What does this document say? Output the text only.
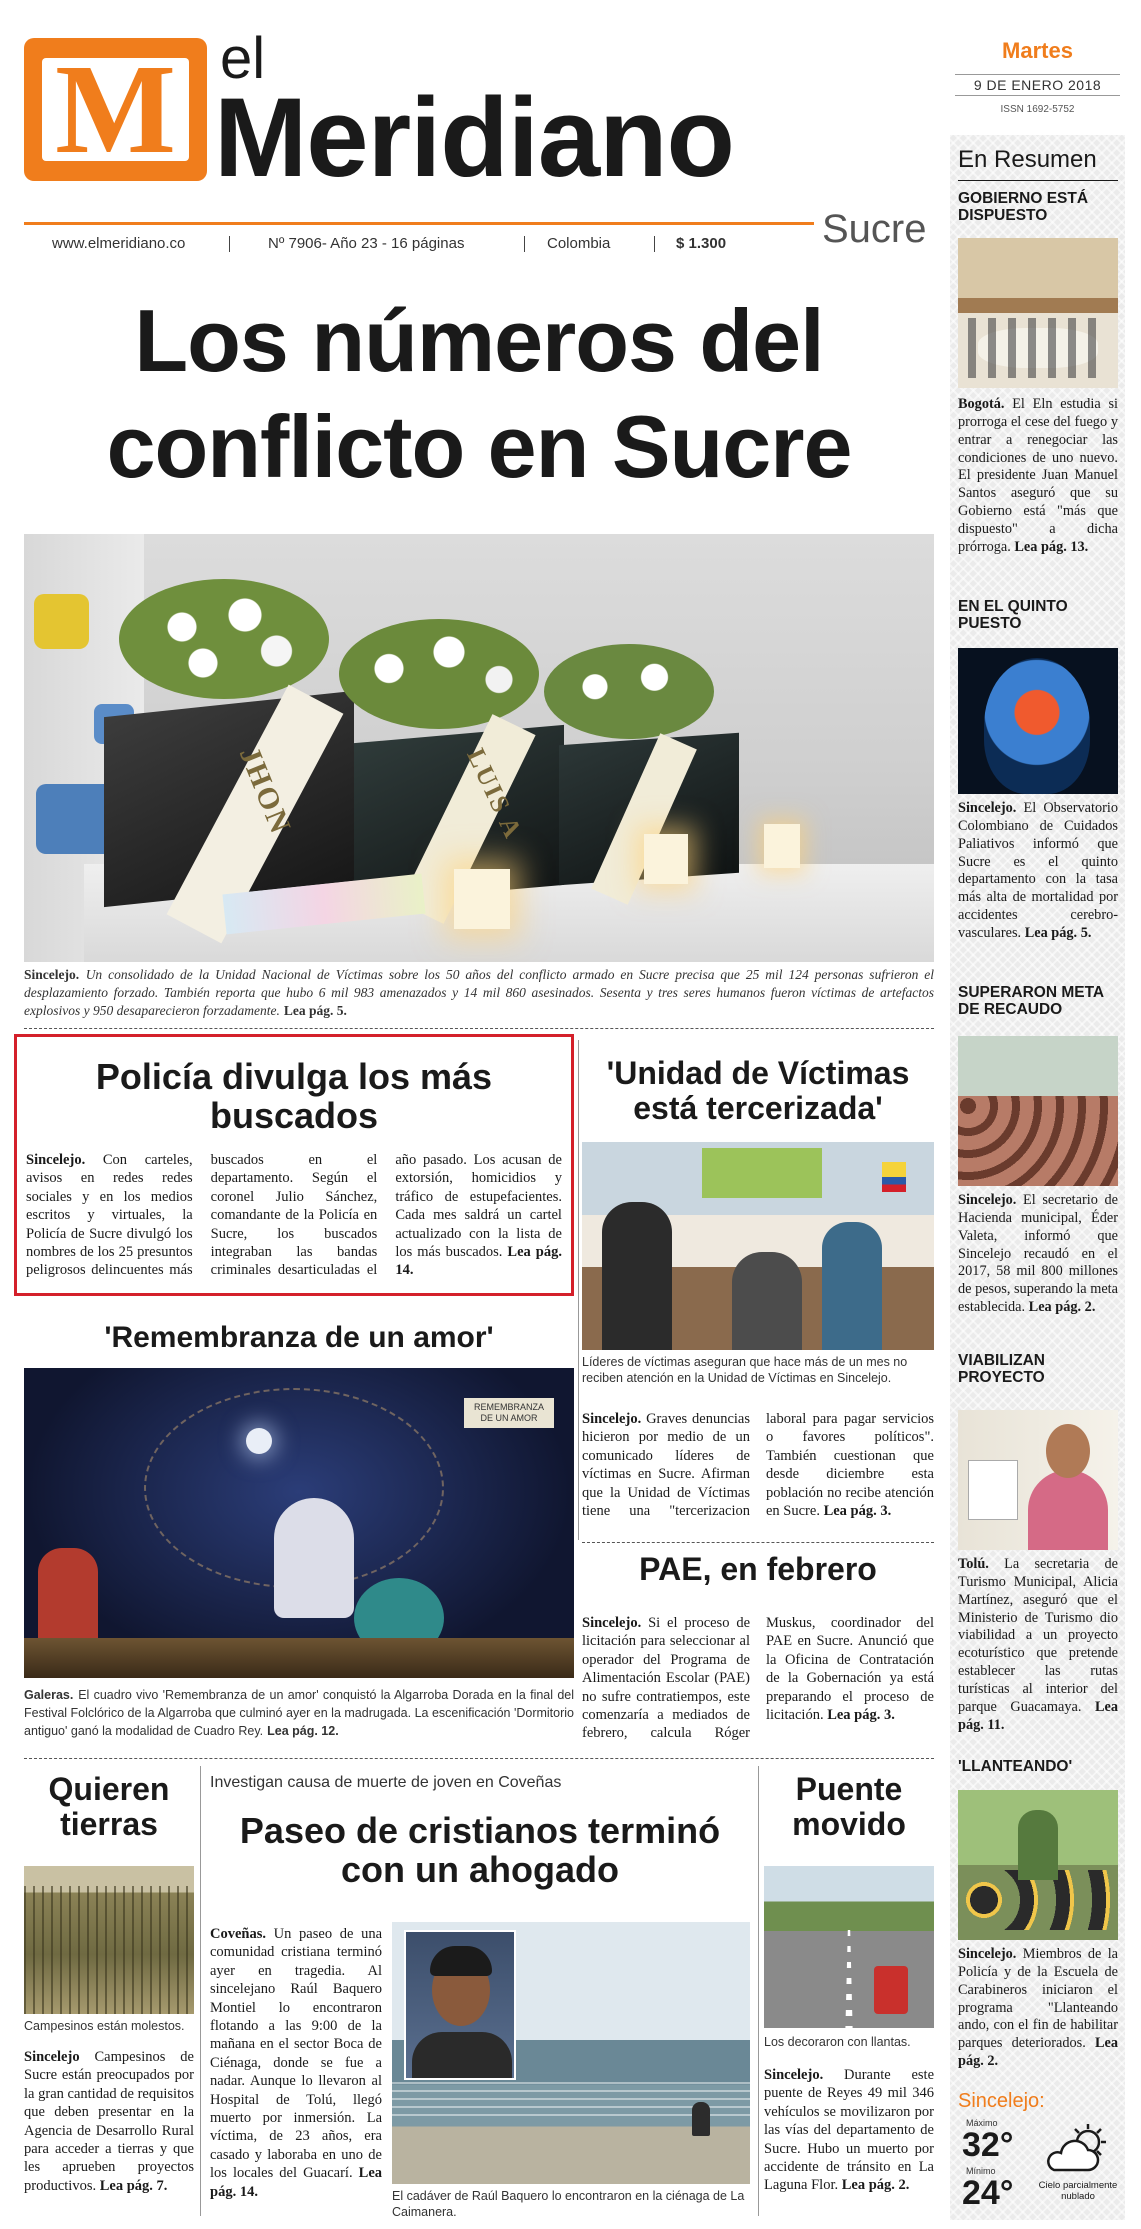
M el
Meridiano
Sucre
www.elmeridiano.co	Nº 7906- Año 23 - 16 páginas	Colombia	$ 1.300
Martes
9 DE ENERO 2018
ISSN 1692-5752
Los números del
conflicto en Sucre
JHON	LUIS A
Sincelejo. Un consolidado de la Unidad Nacional de Víctimas sobre los 50 años del conflicto armado en Sucre precisa que 25 mil 124 personas sufrieron el desplazamiento forzado. También reporta que hubo 6 mil 983 amenazados y 14 mil 860 asesinados. Sesenta y tres seres humanos fueron víctimas de artefactos explosivos y 950 desaparecieron forzadamente. Lea pág. 5.
Policía divulga los más buscados
Sincelejo. Con carteles, avisos en redes redes sociales y en los medios escritos y virtuales, la Policía de Sucre divulgó los nombres de los 25 presuntos peligrosos delincuentes más buscados en el departamento. Según el coronel Julio Sánchez, comandante de la Policía en Sucre, los buscados integraban las bandas criminales desarticuladas el año pasado. Los acusan de extorsión, homicidios y tráfico de estupefacientes. Cada mes saldrá un cartel actualizado con la lista de los más buscados. Lea pág. 14.
'Unidad de Víctimas está tercerizada'
Líderes de víctimas aseguran que hace más de un mes no reciben atención en la Unidad de Víctimas en Sincelejo.
Sincelejo. Graves denuncias hicieron por medio de un comunicado líderes de víctimas en Sucre. Afirman que la Unidad de Víctimas tiene una "tercerizacion laboral para pagar servicios o favores políticos". También cuestionan que desde diciembre esta población no recibe atención en Sucre. Lea pág. 3.
'Remembranza de un amor'
REMEMBRANZA DE UN AMOR
Galeras. El cuadro vivo 'Remembranza de un amor' conquistó la Algarroba Dorada en la final del Festival Folclórico de la Algarroba que culminó ayer en la madrugada. La escenificación 'Dormitorio antiguo' ganó la modalidad de Cuadro Rey. Lea pág. 12.
PAE, en febrero
Sincelejo. Si el proceso de licitación para seleccionar al operador del Programa de Alimentación Escolar (PAE) no sufre contratiempos, este comenzaría a mediados de febrero, calcula Róger Muskus, coordinador del PAE en Sucre. Anunció que la Oficina de Contratación de la Gobernación ya está preparando el proceso de licitación. Lea pág. 3.
Quieren tierras
Campesinos están molestos.
Sincelejo Campesinos de Sucre están preocupados por la gran cantidad de requisitos que deben presentar en la Agencia de Desarrollo Rural para acceder a tierras y que les aprueben proyectos productivos. Lea pág. 7.
Investigan causa de muerte de joven en Coveñas
Paseo de cristianos terminó con un ahogado
Coveñas. Un paseo de una comunidad cristiana terminó ayer en tragedia. Al sincelejano Raúl Baquero Montiel lo encontraron flotando a las 9:00 de la mañana en el sector Boca de Ciénaga, donde se fue a nadar. Aunque lo llevaron al Hospital de Tolú, llegó muerto por inmersión. La víctima, de 23 años, era casado y laboraba en uno de los locales del Guacarí. Lea pág. 14.	El cadáver de Raúl Baquero lo encontraron en la ciénaga de La Caimanera.
Puente movido
Los decoraron con llantas.
Sincelejo. Durante este puente de Reyes 49 mil 346 vehículos se movilizaron por las vías del departamento de Sucre. Hubo un muerto por accidente de tránsito en La Laguna Flor. Lea pág. 2.
En Resumen
GOBIERNO ESTÁ DISPUESTO
Bogotá. El Eln estudia si prorroga el cese del fuego y entrar a renegociar las condiciones de uno nuevo. El presidente Juan Manuel Santos aseguró que su Gobierno está "más que dispuesto" a dicha prórroga. Lea pág. 13.
EN EL QUINTO PUESTO
Sincelejo. El Observatorio Colombiano de Cuidados Paliativos informó que Sucre es el quinto departamento con la tasa más alta de mortalidad por accidentes cerebro-vasculares. Lea pág. 5.
SUPERARON META DE RECAUDO
Sincelejo. El secretario de Hacienda municipal, Éder Valeta, informó que Sincelejo recaudó en el 2017, 58 mil 800 millones de pesos, superando la meta establecida. Lea pág. 2.
VIABILIZAN PROYECTO
Tolú. La secretaria de Turismo Municipal, Alicia Martínez, aseguró que el Ministerio de Turismo dio viabilidad a un proyecto ecoturístico que pretende establecer las rutas turísticas al interior del parque Guacamaya. Lea pág. 11.
'LLANTEANDO'
Sincelejo. Miembros de la Policía y de la Escuela de Carabineros iniciaron el programa "Llanteando ando, con el fin de habilitar parques deteriorados. Lea pág. 2.
Sincelejo:
Máximo
32°
Mínimo
24°	Cielo parcialmente nublado
